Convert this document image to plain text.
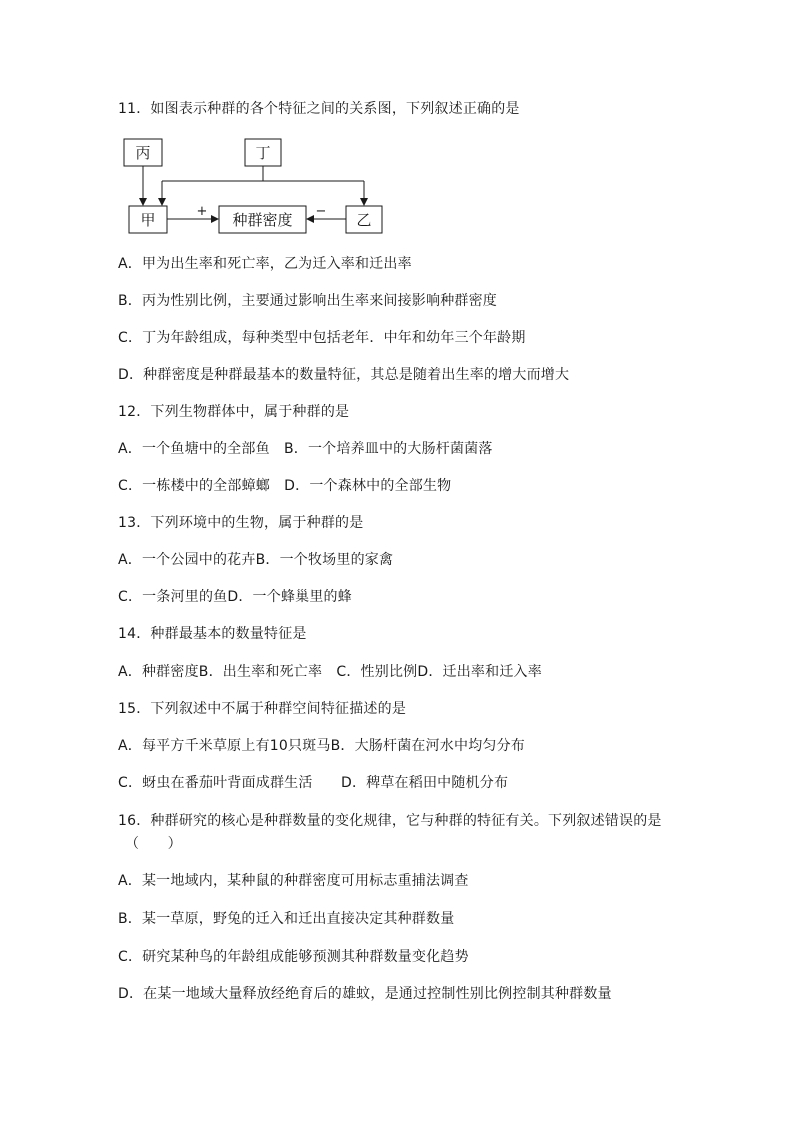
11．如图表示种群的各个特征之间的关系图，下列叙述正确的是
丙	丁
甲	种群密度	乙
+	−
A．甲为出生率和死亡率，乙为迁入率和迁出率
B．丙为性别比例，主要通过影响出生率来间接影响种群密度
C．丁为年龄组成，每种类型中包括老年．中年和幼年三个年龄期
D．种群密度是种群最基本的数量特征，其总是随着出生率的增大而增大
12．下列生物群体中，属于种群的是
A．一个鱼塘中的全部鱼　B．一个培养皿中的大肠杆菌菌落
C．一栋楼中的全部蟑螂　D．一个森林中的全部生物
13．下列环境中的生物，属于种群的是
A．一个公园中的花卉B．一个牧场里的家禽
C．一条河里的鱼D．一个蜂巢里的蜂
14．种群最基本的数量特征是
A．种群密度B．出生率和死亡率　C．性别比例D．迁出率和迁入率
15．下列叙述中不属于种群空间特征描述的是
A．每平方千米草原上有10只斑马B．大肠杆菌在河水中均匀分布
C．蚜虫在番茄叶背面成群生活　　D．稗草在稻田中随机分布
16．种群研究的核心是种群数量的变化规律，它与种群的特征有关。下列叙述错误的是
（　　）
A．某一地域内，某种鼠的种群密度可用标志重捕法调查
B．某一草原，野兔的迁入和迁出直接决定其种群数量
C．研究某种鸟的年龄组成能够预测其种群数量变化趋势
D．在某一地域大量释放经绝育后的雄蚊，是通过控制性别比例控制其种群数量
